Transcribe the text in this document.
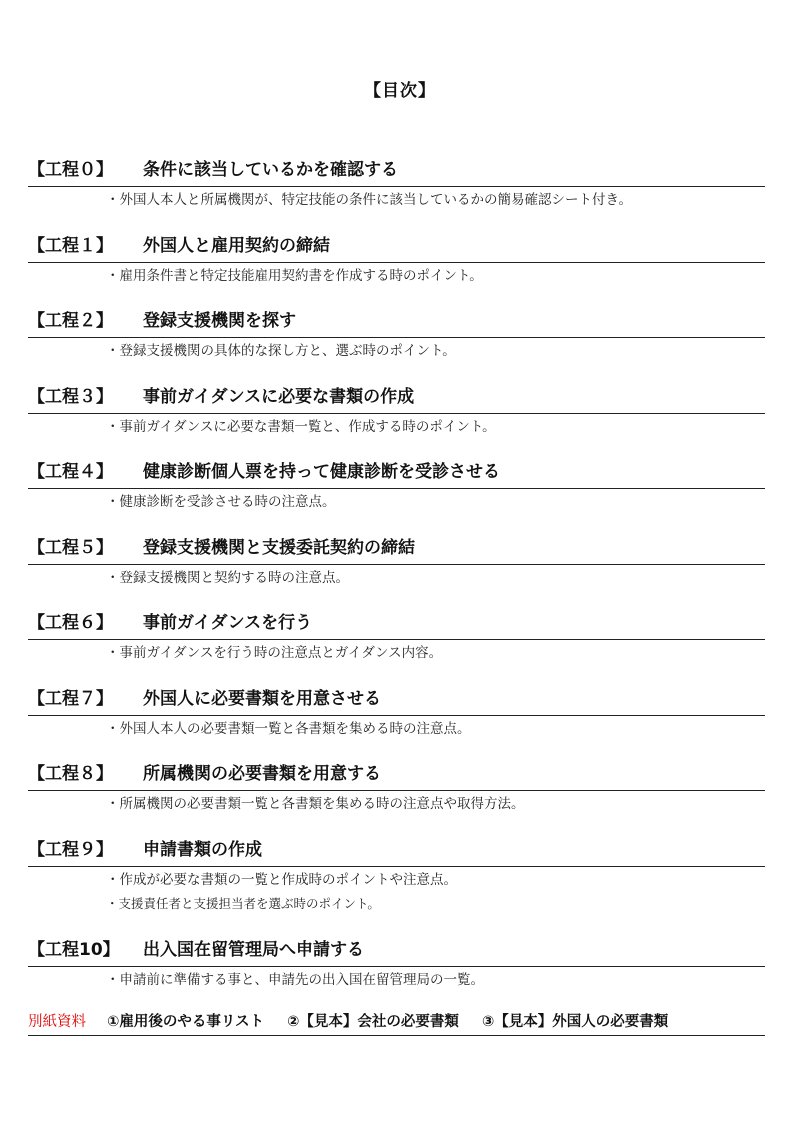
【目次】
【工程０】 条件に該当しているかを確認する
・外国人本人と所属機関が、特定技能の条件に該当しているかの簡易確認シート付き。
【工程１】 外国人と雇用契約の締結
・雇用条件書と特定技能雇用契約書を作成する時のポイント。
【工程２】 登録支援機関を探す
・登録支援機関の具体的な探し方と、選ぶ時のポイント。
【工程３】 事前ガイダンスに必要な書類の作成
・事前ガイダンスに必要な書類一覧と、作成する時のポイント。
【工程４】 健康診断個人票を持って健康診断を受診させる
・健康診断を受診させる時の注意点。
【工程５】 登録支援機関と支援委託契約の締結
・登録支援機関と契約する時の注意点。
【工程６】 事前ガイダンスを行う
・事前ガイダンスを行う時の注意点とガイダンス内容。
【工程７】 外国人に必要書類を用意させる
・外国人本人の必要書類一覧と各書類を集める時の注意点。
【工程８】 所属機関の必要書類を用意する
・所属機関の必要書類一覧と各書類を集める時の注意点や取得方法。
【工程９】 申請書類の作成
・作成が必要な書類の一覧と作成時のポイントや注意点。
・支援責任者と支援担当者を選ぶ時のポイント。
【工程10】 出入国在留管理局へ申請する
・申請前に準備する事と、申請先の出入国在留管理局の一覧。
別紙資料 ①雇用後のやる事リスト ②【見本】会社の必要書類 ③【見本】外国人の必要書類
